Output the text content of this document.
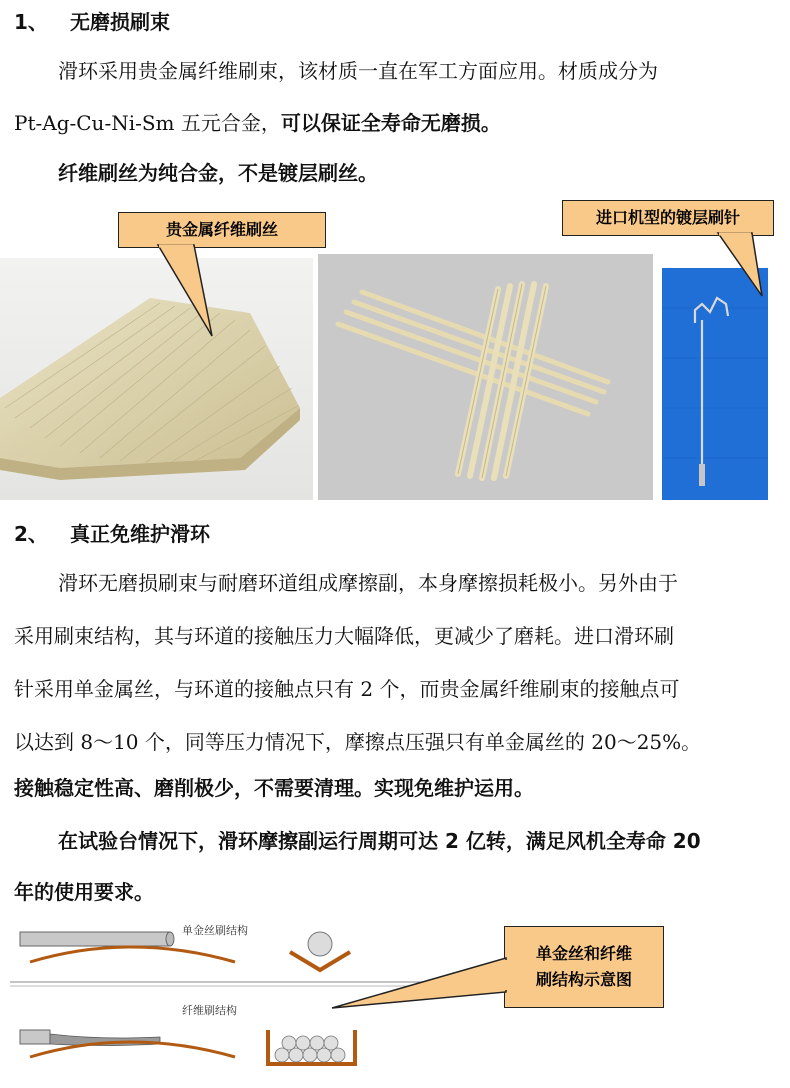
1、 无磨损刷束
滑环采用贵金属纤维刷束，该材质一直在军工方面应用。材质成分为
Pt-Ag-Cu-Ni-Sm 五元合金，可以保证全寿命无磨损。
纤维刷丝为纯合金，不是镀层刷丝。
贵金属纤维刷丝
进口机型的镀层刷针
2、 真正免维护滑环
滑环无磨损刷束与耐磨环道组成摩擦副，本身摩擦损耗极小。另外由于
采用刷束结构，其与环道的接触压力大幅降低，更减少了磨耗。进口滑环刷
针采用单金属丝，与环道的接触点只有 2 个，而贵金属纤维刷束的接触点可
以达到 8～10 个，同等压力情况下，摩擦点压强只有单金属丝的 20～25%。
接触稳定性高、磨削极少，不需要清理。实现免维护运用。
在试验台情况下，滑环摩擦副运行周期可达 2 亿转，满足风机全寿命 20
年的使用要求。
单金丝刷结构
纤维刷结构
单金丝和纤维
刷结构示意图
